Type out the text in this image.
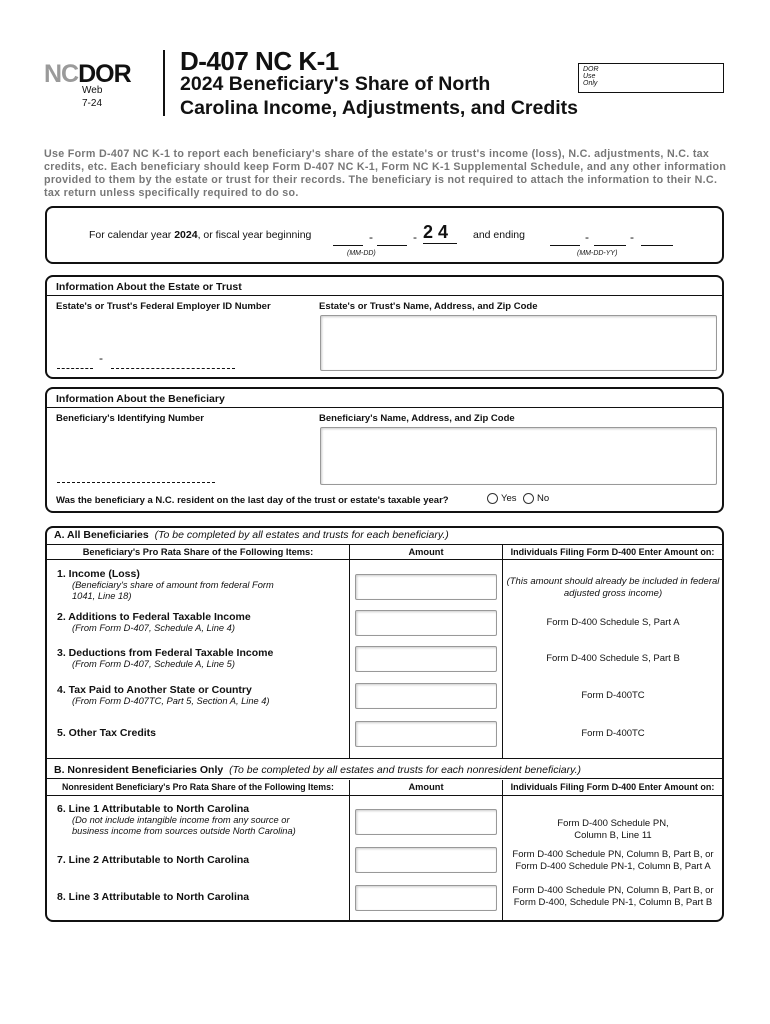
NCDOR
Web
7-24
D-407 NC K-1
2024 Beneficiary's Share of North
Carolina Income, Adjustments, and Credits
DOR Use Only
Use Form D-407 NC K-1 to report each beneficiary's share of the estate's or trust's income (loss), N.C. adjustments, N.C. tax credits, etc. Each beneficiary should keep Form D-407 NC K-1, Form NC K-1 Supplemental Schedule, and any other information provided to them by the estate or trust for their records. The beneficiary is not required to attach the information to their N.C. tax return unless specifically required to do so.
For calendar year 2024, or fiscal year beginning	-	- 2 4
(MM-DD)
and ending	-	-
(MM-DD-YY)
Information About the Estate or Trust
Estate's or Trust's Federal Employer ID Number	Estate's or Trust's Name, Address, and Zip Code
-
Information About the Beneficiary
Beneficiary's Identifying Number	Beneficiary's Name, Address, and Zip Code
Was the beneficiary a N.C. resident on the last day of the trust or estate's taxable year?	Yes	No
A. All Beneficiaries (To be completed by all estates and trusts for each beneficiary.)
Beneficiary's Pro Rata Share of the Following Items:	Amount	Individuals Filing Form D-400 Enter Amount on:
1. Income (Loss)
(Beneficiary's share of amount from federal Form 1041, Line 18)
(This amount should already be included in federal adjusted gross income)
2. Additions to Federal Taxable Income
(From Form D-407, Schedule A, Line 4)	Form D-400 Schedule S, Part A
3. Deductions from Federal Taxable Income
(From Form D-407, Schedule A, Line 5)	Form D-400 Schedule S, Part B
4. Tax Paid to Another State or Country
(From Form D-407TC, Part 5, Section A, Line 4)	Form D-400TC
5. Other Tax Credits	Form D-400TC
B. Nonresident Beneficiaries Only (To be completed by all estates and trusts for each nonresident beneficiary.)
Nonresident Beneficiary's Pro Rata Share of the Following Items:	Amount	Individuals Filing Form D-400 Enter Amount on:
6. Line 1 Attributable to North Carolina
(Do not include intangible income from any source or business income from sources outside North Carolina)
Form D-400 Schedule PN, Column B, Line 11
7. Line 2 Attributable to North Carolina	Form D-400 Schedule PN, Column B, Part B, or Form D-400 Schedule PN-1, Column B, Part A
8. Line 3 Attributable to North Carolina
Form D-400 Schedule PN, Column B, Part B, or Form D-400, Schedule PN-1, Column B, Part B
